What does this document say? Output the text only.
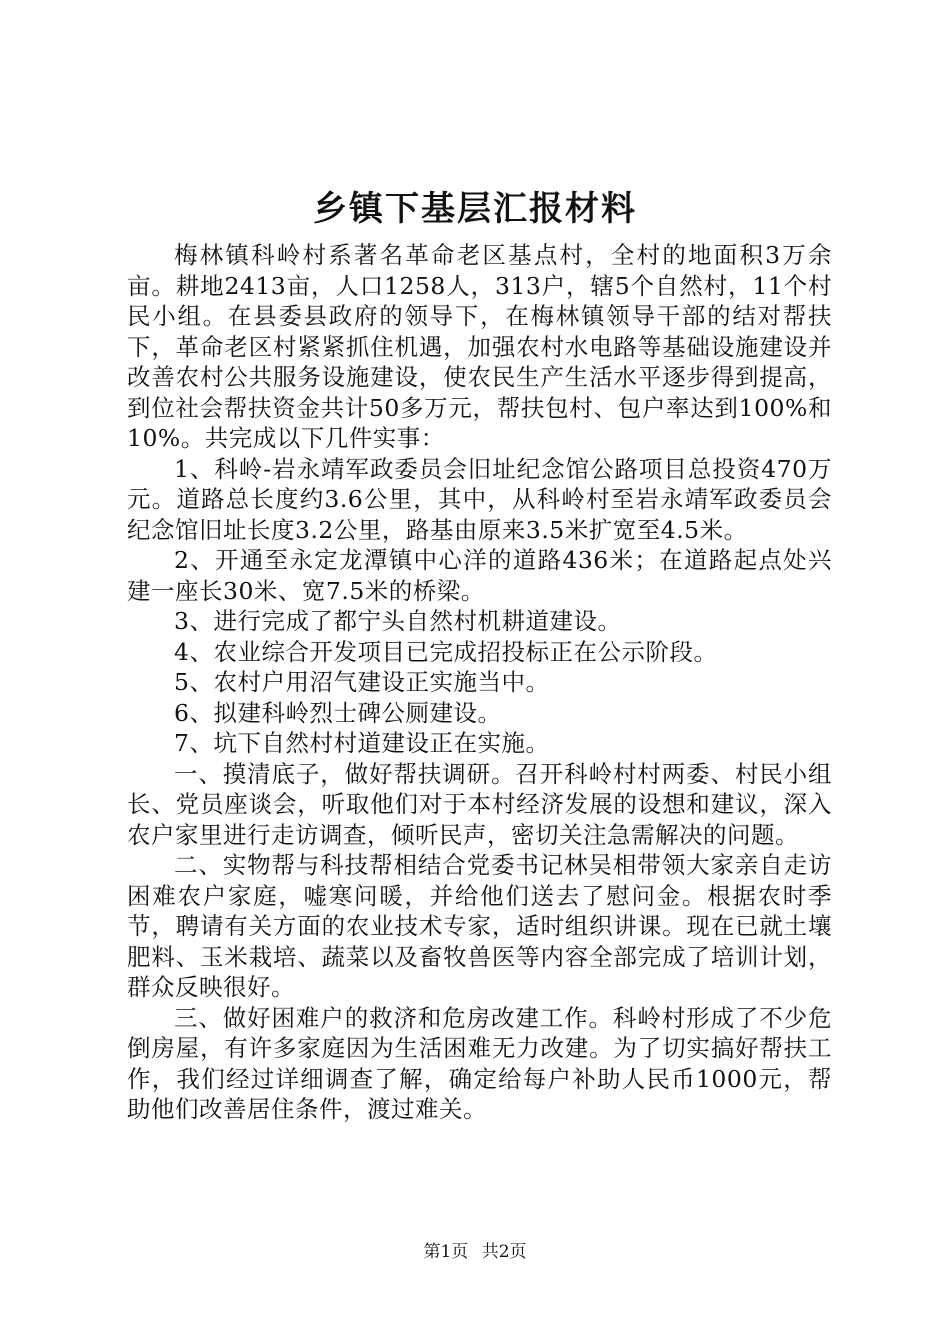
乡镇下基层汇报材料

梅林镇科岭村系著名革命老区基点村，全村的地面积3万余亩。耕地2413亩，人口1258人，313户，辖5个自然村，11个村民小组。在县委县政府的领导下，在梅林镇领导干部的结对帮扶下，革命老区村紧紧抓住机遇，加强农村水电路等基础设施建设并改善农村公共服务设施建设，使农民生产生活水平逐步得到提高，到位社会帮扶资金共计50多万元，帮扶包村、包户率达到100%和10%。共完成以下几件实事：

1、科岭-岩永靖军政委员会旧址纪念馆公路项目总投资470万元。道路总长度约3.6公里，其中，从科岭村至岩永靖军政委员会纪念馆旧址长度3.2公里，路基由原来3.5米扩宽至4.5米。

2、开通至永定龙潭镇中心洋的道路436米；在道路起点处兴建一座长30米、宽7.5米的桥梁。

3、进行完成了都宁头自然村机耕道建设。

4、农业综合开发项目已完成招投标正在公示阶段。

5、农村户用沼气建设正实施当中。

6、拟建科岭烈士碑公厕建设。

7、坑下自然村村道建设正在实施。

一、摸清底子，做好帮扶调研。召开科岭村村两委、村民小组长、党员座谈会，听取他们对于本村经济发展的设想和建议，深入农户家里进行走访调查，倾听民声，密切关注急需解决的问题。

二、实物帮与科技帮相结合党委书记林吴相带领大家亲自走访困难农户家庭，嘘寒问暖，并给他们送去了慰问金。根据农时季节，聘请有关方面的农业技术专家，适时组织讲课。现在已就土壤肥料、玉米栽培、蔬菜以及畜牧兽医等内容全部完成了培训计划，群众反映很好。

三、做好困难户的救济和危房改建工作。科岭村形成了不少危倒房屋，有许多家庭因为生活困难无力改建。为了切实搞好帮扶工作，我们经过详细调查了解，确定给每户补助人民币1000元，帮助他们改善居住条件，渡过难关。

第1页 共2页
